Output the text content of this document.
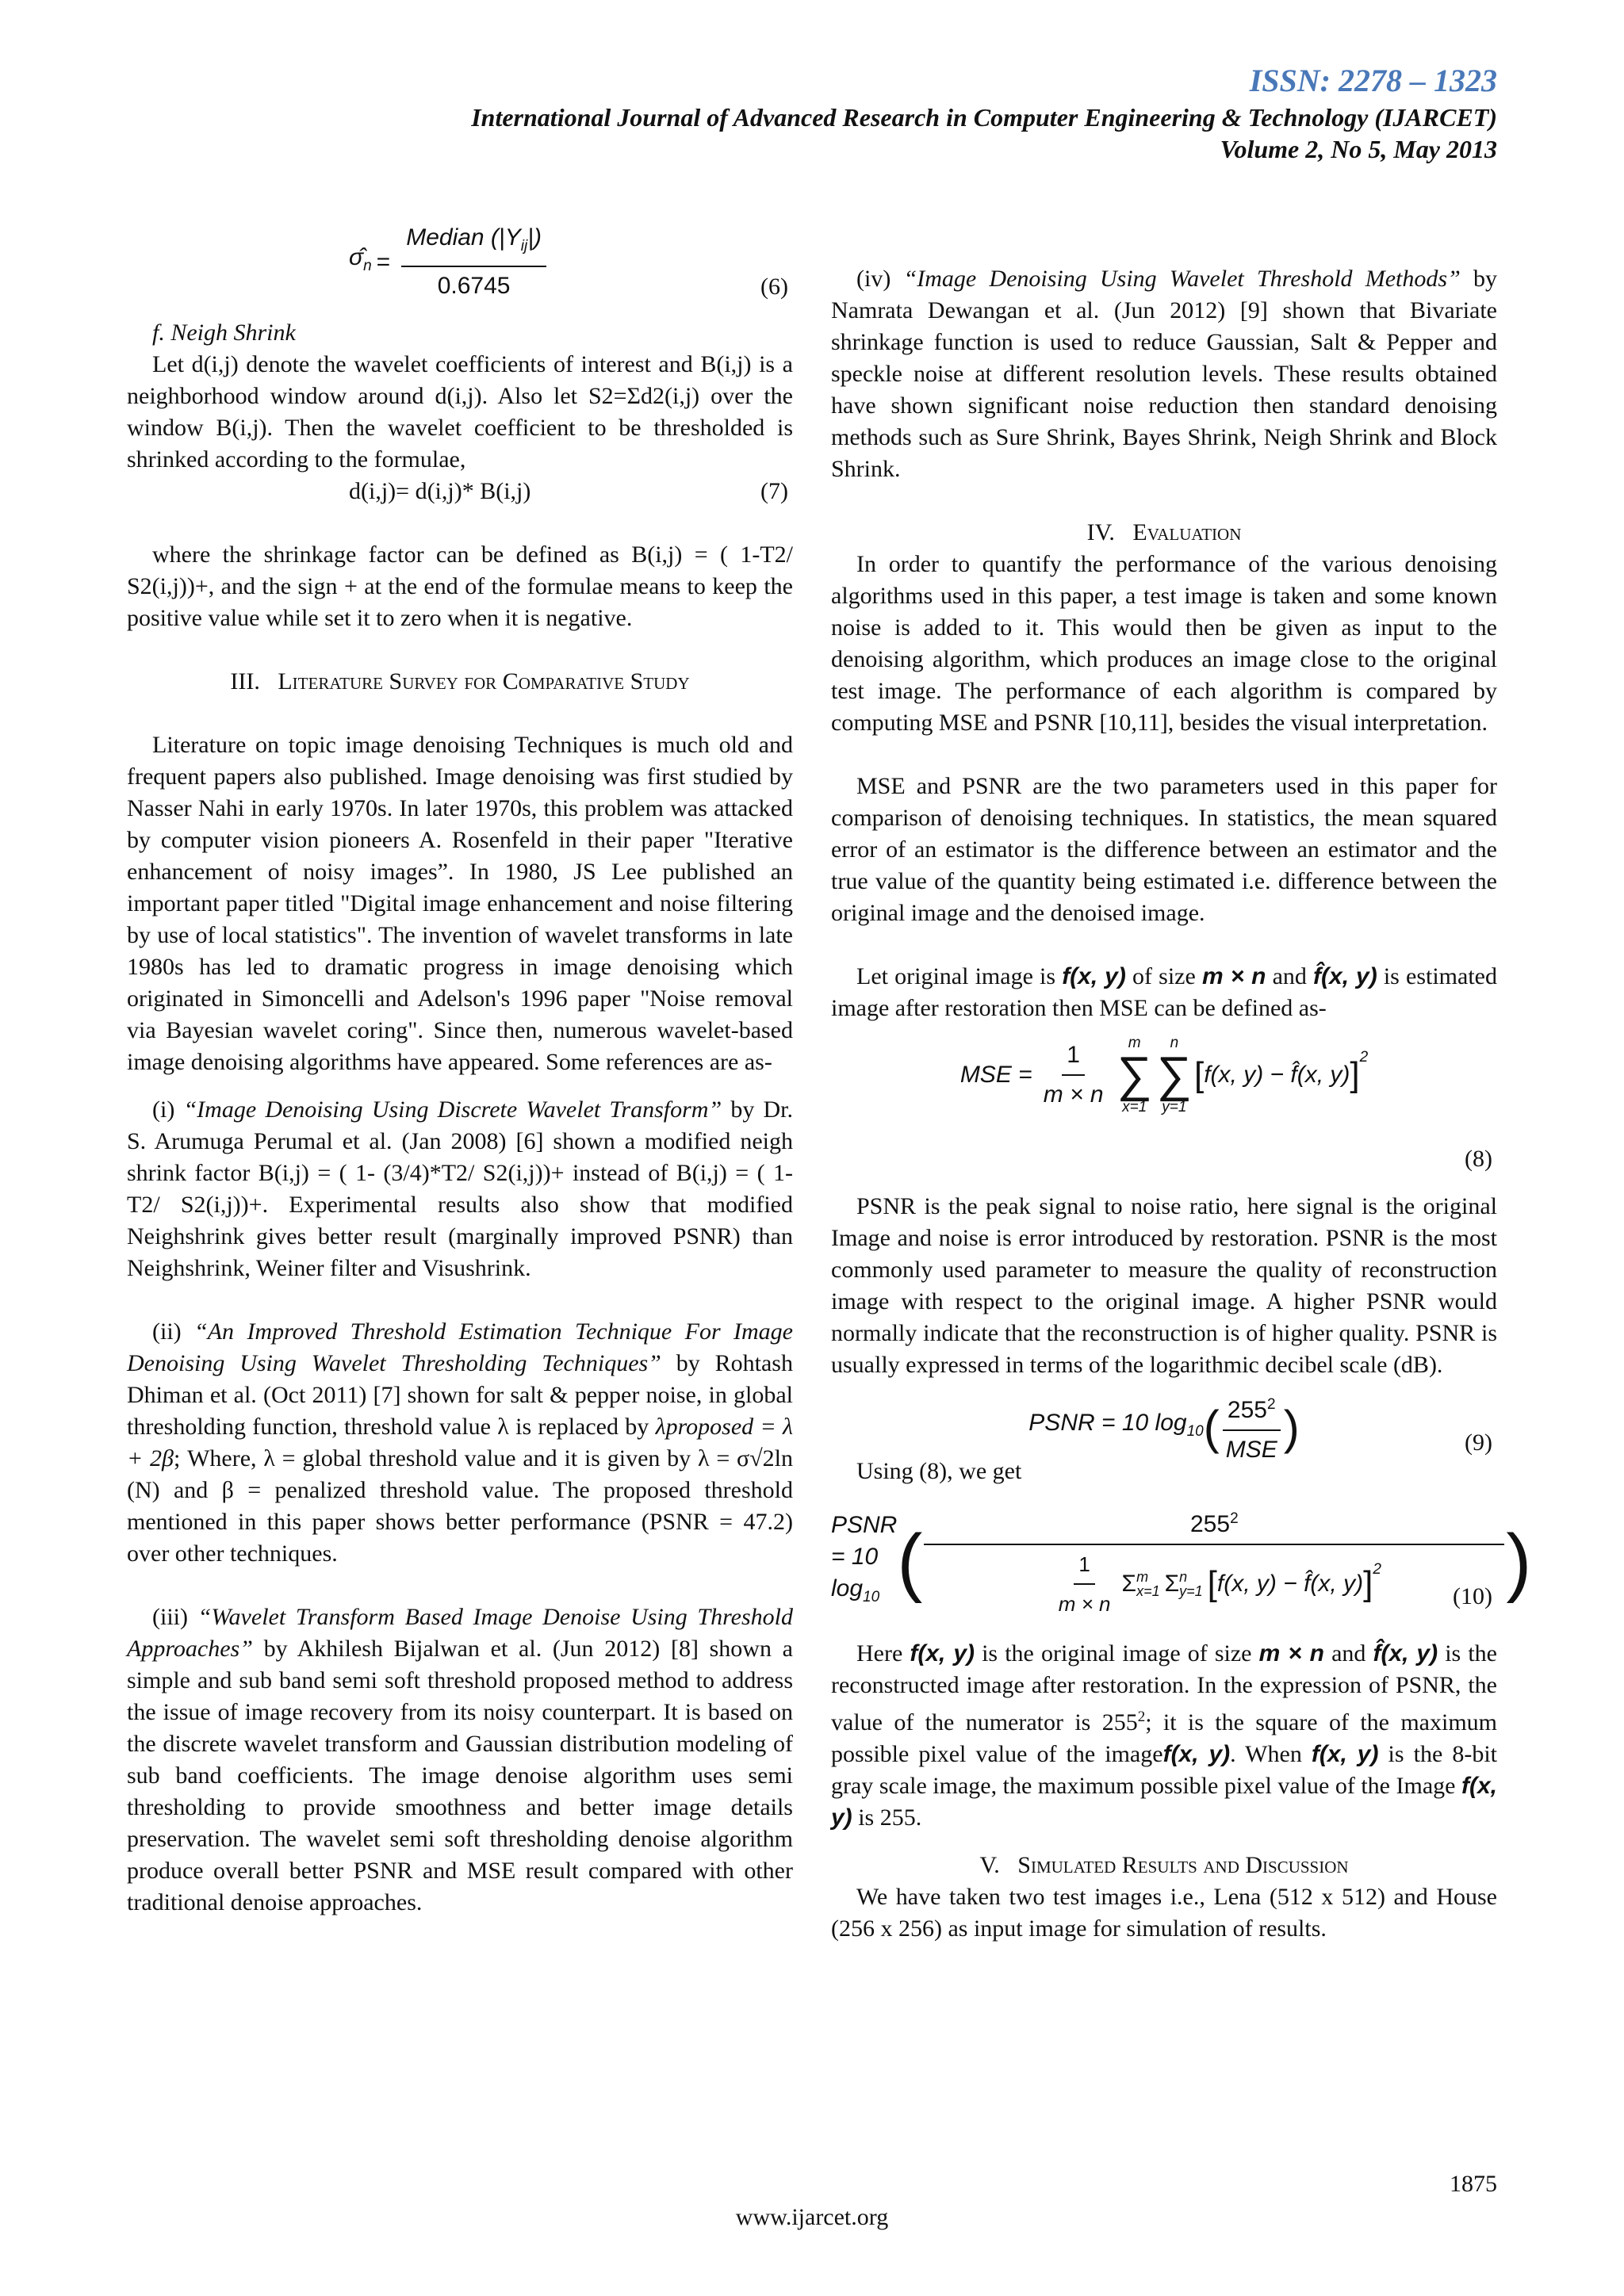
ISSN: 2278 – 1323
International Journal of Advanced Research in Computer Engineering & Technology (IJARCET)
Volume 2, No 5, May 2013
$\sigmâ_n = \frac{Median (|Y_{ij}|)}{0.6745}$	(6)

f. Neigh Shrink

Let d(i,j) denote the wavelet coefficients of interest and B(i,j) is a neighborhood window around d(i,j). Also let S2=Σd2(i,j) over the window B(i,j). Then the wavelet coefficient to be thresholded is shrinked according to the formulae,

d(i,j)= d(i,j)* B(i,j)	(7)

where the shrinkage factor can be defined as B(i,j) = ( 1-T2/ S2(i,j))+, and the sign + at the end of the formulae means to keep the positive value while set it to zero when it is negative.

III. Literature Survey for Comparative Study

Literature on topic image denoising Techniques is much old and frequent papers also published. Image denoising was first studied by Nasser Nahi in early 1970s. In later 1970s, this problem was attacked by computer vision pioneers A. Rosenfeld in their paper "Iterative enhancement of noisy images”. In 1980, JS Lee published an important paper titled "Digital image enhancement and noise filtering by use of local statistics". The invention of wavelet transforms in late 1980s has led to dramatic progress in image denoising which originated in Simoncelli and Adelson's 1996 paper "Noise removal via Bayesian wavelet coring". Since then, numerous wavelet-based image denoising algorithms have appeared. Some references are as-

(i) “Image Denoising Using Discrete Wavelet Transform” by Dr. S. Arumuga Perumal et al. (Jan 2008) [6] shown a modified neigh shrink factor B(i,j) = ( 1- (3/4)*T2/ S2(i,j))+ instead of B(i,j) = ( 1-T2/ S2(i,j))+. Experimental results also show that modified Neighshrink gives better result (marginally improved PSNR) than Neighshrink, Weiner filter and Visushrink.

(ii) “An Improved Threshold Estimation Technique For Image Denoising Using Wavelet Thresholding Techniques” by Rohtash Dhiman et al. (Oct 2011) [7] shown for salt & pepper noise, in global thresholding function, threshold value λ is replaced by λproposed = λ + 2β; Where, λ = global threshold value and it is given by λ = σ√2ln (N) and β = penalized threshold value. The proposed threshold mentioned in this paper shows better performance (PSNR = 47.2) over other techniques.

(iii) “Wavelet Transform Based Image Denoise Using Threshold Approaches” by Akhilesh Bijalwan et al. (Jun 2012) [8] shown a simple and sub band semi soft threshold proposed method to address the issue of image recovery from its noisy counterpart. It is based on the discrete wavelet transform and Gaussian distribution modeling of sub band coefficients. The image denoise algorithm uses semi thresholding to provide smoothness and better image details preservation. The wavelet semi soft thresholding denoise algorithm produce overall better PSNR and MSE result compared with other traditional denoise approaches.

(iv) “Image Denoising Using Wavelet Threshold Methods” by Namrata Dewangan et al. (Jun 2012) [9] shown that Bivariate shrinkage function is used to reduce Gaussian, Salt & Pepper and speckle noise at different resolution levels. These results obtained have shown significant noise reduction then standard denoising methods such as Sure Shrink, Bayes Shrink, Neigh Shrink and Block Shrink.

IV. Evaluation

In order to quantify the performance of the various denoising algorithms used in this paper, a test image is taken and some known noise is added to it. This would then be given as input to the denoising algorithm, which produces an image close to the original test image. The performance of each algorithm is compared by computing MSE and PSNR [10,11], besides the visual interpretation.

MSE and PSNR are the two parameters used in this paper for comparison of denoising techniques. In statistics, the mean squared error of an estimator is the difference between an estimator and the true value of the quantity being estimated i.e. difference between the original image and the denoised image.

Let original image is f(x, y) of size m × n and f̂(x, y) is estimated image after restoration then MSE can be defined as-

MSE = $\frac{1}{m \times n}$ m
∑
x=1
n
∑
y=1
[ f(x, y) − f̂(x, y) ]$^2$
(8)

PSNR is the peak signal to noise ratio, here signal is the original Image and noise is error introduced by restoration. PSNR is the most commonly used parameter to measure the quality of reconstruction image with respect to the original image. A higher PSNR would normally indicate that the reconstruction is of higher quality. PSNR is usually expressed in terms of the logarithmic decibel scale (dB).

PSNR = 10 $\log_{10}$ ( $\frac{255^2}{\text{MSE}}$ )	(9)

Using (8), we get

PSNR = 10 $\log_{10}$ (	$255^2$
$\frac{1}{m \times n}$ Σ m
x=1 Σ n
y=1 [ f(x, y) − f̂(x, y) ]$^2$ )
(10)

Here f(x, y) is the original image of size m × n and f̂(x, y) is the reconstructed image after restoration. In the expression of PSNR, the value of the numerator is $255^2$; it is the square of the maximum possible pixel value of the imagef(x, y). When f(x, y) is the 8-bit gray scale image, the maximum possible pixel value of the Image f(x, y) is 255.

V. Simulated Results and Discussion

We have taken two test images i.e., Lena (512 x 512) and House (256 x 256) as input image for simulation of results.

1875
www.ijarcet.org
